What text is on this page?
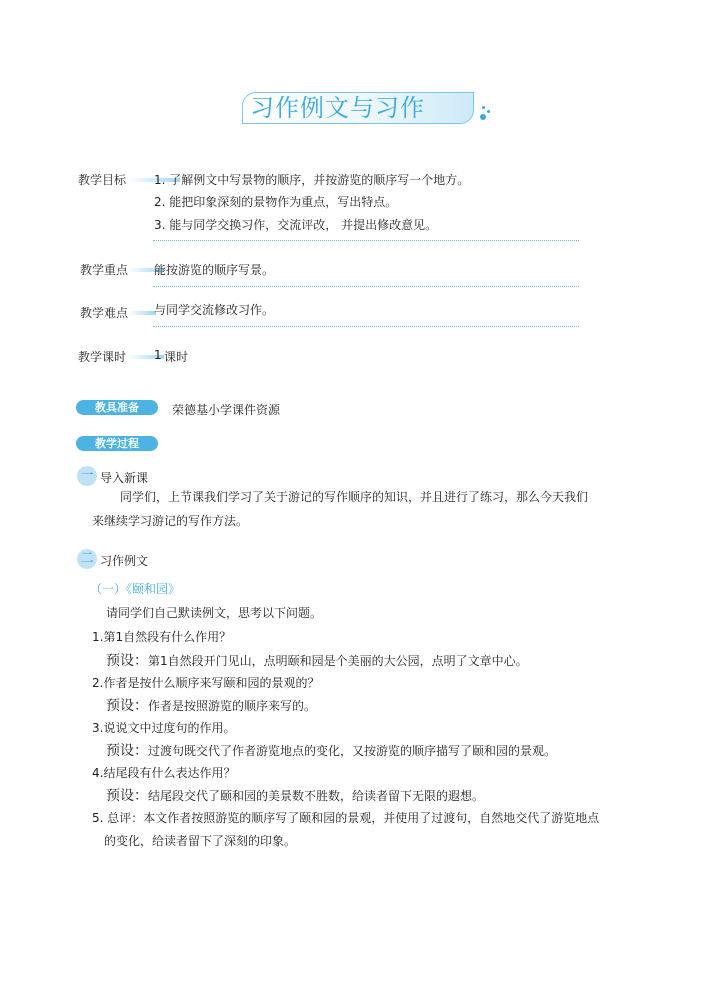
习作例文与习作
教学目标 1. 了解例文中写景物的顺序，并按游览的顺序写一个地方。
2. 能把印象深刻的景物作为重点，写出特点。
3. 能与同学交换习作，交流评改， 并提出修改意见。
教学重点 能按游览的顺序写景。
教学难点 与同学交流修改习作。
教学课时 1 课时
教具准备	荣德基小学课件资源
教学过程
一 导入新课
同学们，上节课我们学习了关于游记的写作顺序的知识，并且进行了练习，那么今天我们
来继续学习游记的写作方法。
二 习作例文
（一）《颐和园》
请同学们自己默读例文，思考以下问题。
1.第1自然段有什么作用？
预设：第1自然段开门见山，点明颐和园是个美丽的大公园，点明了文章中心。
2.作者是按什么顺序来写颐和园的景观的？
预设：作者是按照游览的顺序来写的。
3.说说文中过度句的作用。
预设：过渡句既交代了作者游览地点的变化，又按游览的顺序描写了颐和园的景观。
4.结尾段有什么表达作用？
预设：结尾段交代了颐和园的美景数不胜数，给读者留下无限的遐想。
5. 总评：本文作者按照游览的顺序写了颐和园的景观，并使用了过渡句，自然地交代了游览地点
的变化，给读者留下了深刻的印象。
